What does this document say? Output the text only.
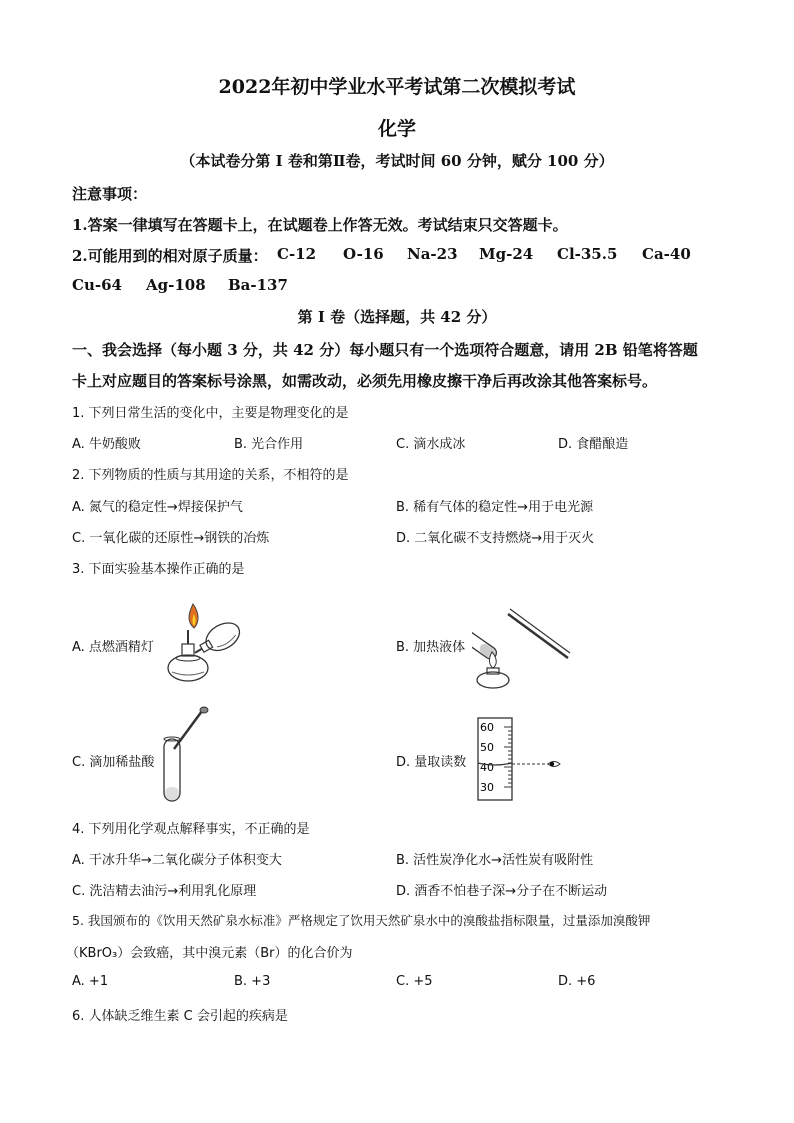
2022年初中学业水平考试第二次模拟考试
化学
（本试卷分第 I 卷和第Ⅱ卷，考试时间 60 分钟，赋分 100 分）
注意事项：
1.答案一律填写在答题卡上，在试题卷上作答无效。考试结束只交答题卡。
2.可能用到的相对原子质量： C-12 O-16 Na-23 Mg-24 Cl-35.5 Ca-40
Cu-64 Ag-108 Ba-137
第 I 卷（选择题，共 42 分）
一、我会选择（每小题 3 分，共 42 分）每小题只有一个选项符合题意，请用 2B 铅笔将答题
卡上对应题目的答案标号涂黑，如需改动，必须先用橡皮擦干净后再改涂其他答案标号。
1. 下列日常生活的变化中，主要是物理变化的是
A. 牛奶酸败	B. 光合作用	C. 滴水成冰	D. 食醋酿造
2. 下列物质的性质与其用途的关系，不相符的是
A. 氮气的稳定性→焊接保护气	B. 稀有气体的稳定性→用于电光源
C. 一氧化碳的还原性→钢铁的冶炼	D. 二氧化碳不支持燃烧→用于灭火
3. 下面实验基本操作正确的是
A. 点燃酒精灯	B. 加热液体
C. 滴加稀盐酸	D. 量取读数
60
50
40
30
4. 下列用化学观点解释事实，不正确的是
A. 干冰升华→二氧化碳分子体积变大	B. 活性炭净化水→活性炭有吸附性
C. 洗洁精去油污→利用乳化原理	D. 酒香不怕巷子深→分子在不断运动
5. 我国颁布的《饮用天然矿泉水标准》严格规定了饮用天然矿泉水中的溴酸盐指标限量，过量添加溴酸钾
（KBrO₃）会致癌，其中溴元素（Br）的化合价为
A. +1	B. +3	C. +5	D. +6
6. 人体缺乏维生素 C 会引起的疾病是
